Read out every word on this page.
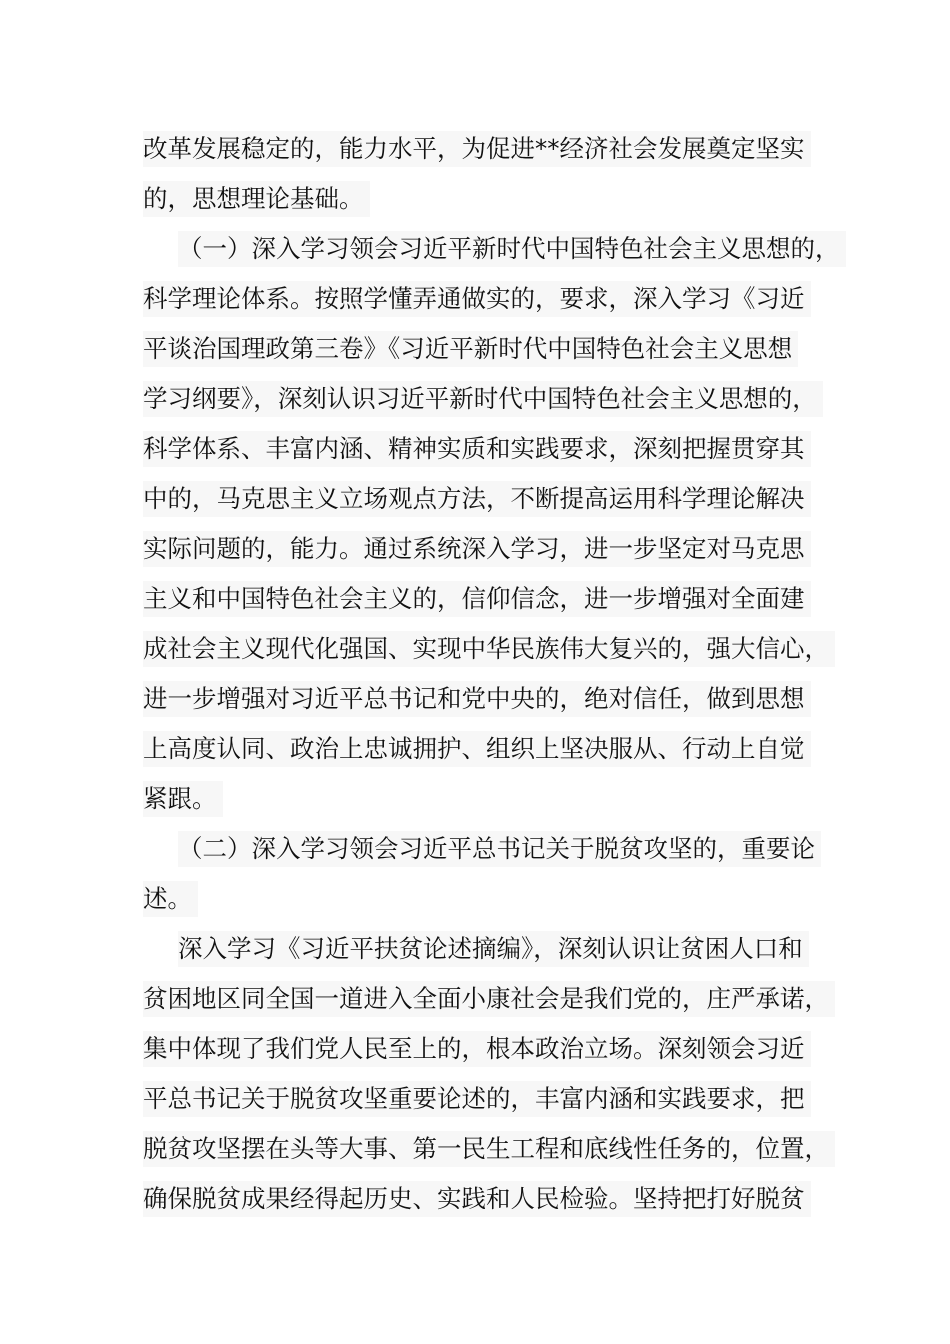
改革发展稳定的，能力水平，为促进**经济社会发展奠定坚实
的，思想理论基础。
（一）深入学习领会习近平新时代中国特色社会主义思想的，
科学理论体系。按照学懂弄通做实的，要求，深入学习《习近
平谈治国理政第三卷》《习近平新时代中国特色社会主义思想
学习纲要》，深刻认识习近平新时代中国特色社会主义思想的，
科学体系、丰富内涵、精神实质和实践要求，深刻把握贯穿其
中的，马克思主义立场观点方法，不断提高运用科学理论解决
实际问题的，能力。通过系统深入学习，进一步坚定对马克思
主义和中国特色社会主义的，信仰信念，进一步增强对全面建
成社会主义现代化强国、实现中华民族伟大复兴的，强大信心，
进一步增强对习近平总书记和党中央的，绝对信任，做到思想
上高度认同、政治上忠诚拥护、组织上坚决服从、行动上自觉
紧跟。
（二）深入学习领会习近平总书记关于脱贫攻坚的，重要论
述。
深入学习《习近平扶贫论述摘编》，深刻认识让贫困人口和
贫困地区同全国一道进入全面小康社会是我们党的，庄严承诺，
集中体现了我们党人民至上的，根本政治立场。深刻领会习近
平总书记关于脱贫攻坚重要论述的，丰富内涵和实践要求，把
脱贫攻坚摆在头等大事、第一民生工程和底线性任务的，位置，
确保脱贫成果经得起历史、实践和人民检验。坚持把打好脱贫
